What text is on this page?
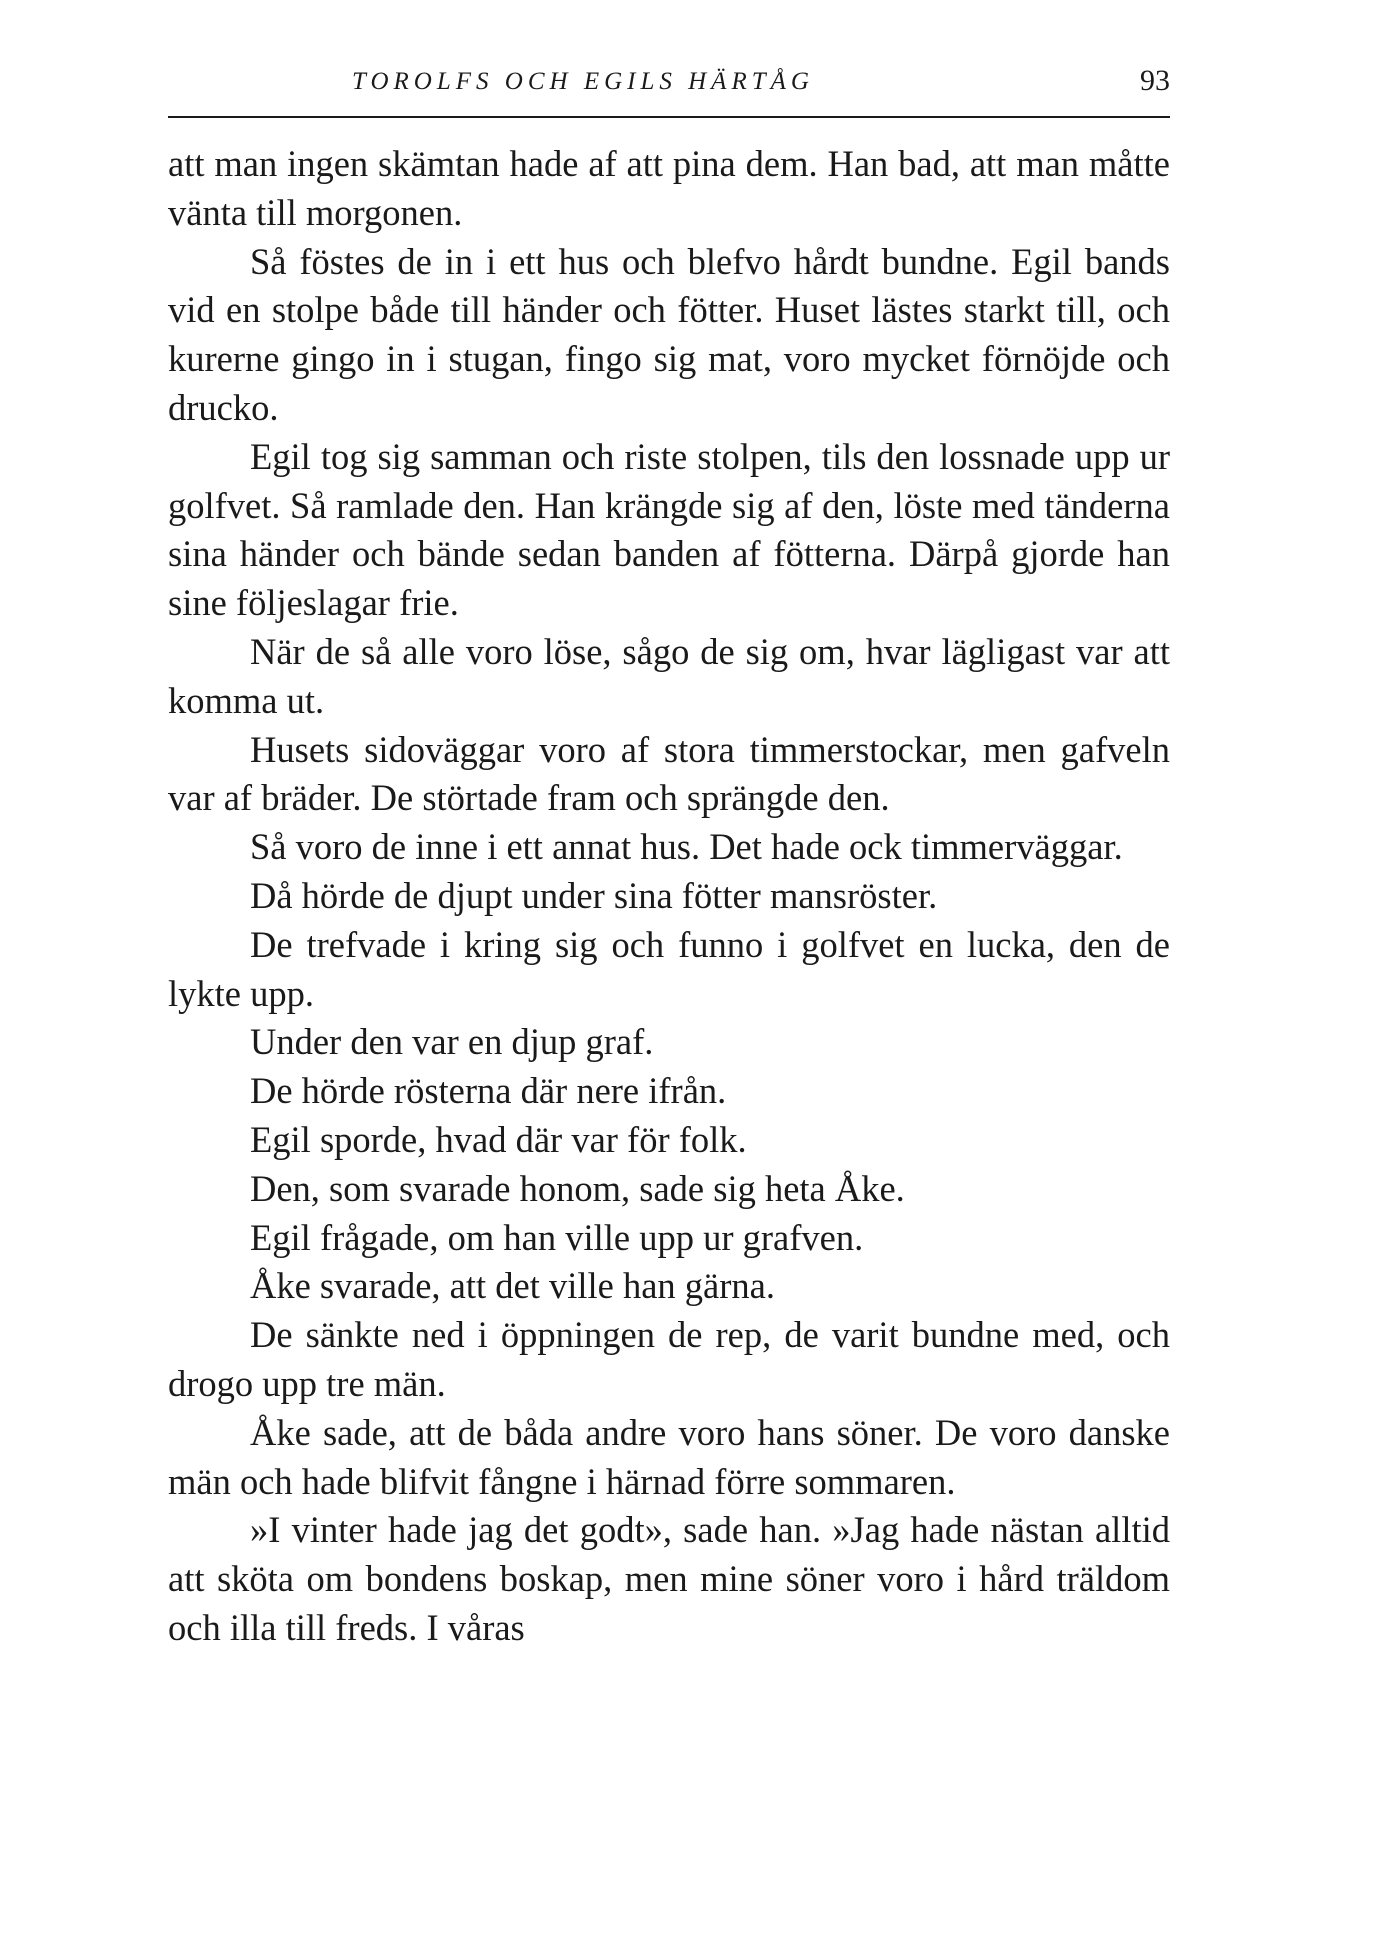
TOROLFS OCH EGILS HÄRTÅG	93

att man ingen skämtan hade af att pina dem. Han bad, att man måtte vänta till morgonen.

Så föstes de in i ett hus och blefvo hårdt bundne. Egil bands vid en stolpe både till händer och fötter. Huset lästes starkt till, och kurerne gingo in i stugan, fingo sig mat, voro mycket förnöjde och drucko.

Egil tog sig samman och riste stolpen, tils den lossnade upp ur golfvet. Så ramlade den. Han krängde sig af den, löste med tänderna sina händer och bände sedan banden af fötterna. Därpå gjorde han sine följeslagar frie.

När de så alle voro löse, sågo de sig om, hvar lägligast var att komma ut.

Husets sidoväggar voro af stora timmerstockar, men gafveln var af bräder. De störtade fram och sprängde den.

Så voro de inne i ett annat hus. Det hade ock timmerväggar.

Då hörde de djupt under sina fötter mansröster.

De trefvade i kring sig och funno i golfvet en lucka, den de lykte upp.

Under den var en djup graf.

De hörde rösterna där nere ifrån.

Egil sporde, hvad där var för folk.

Den, som svarade honom, sade sig heta Åke.

Egil frågade, om han ville upp ur grafven.

Åke svarade, att det ville han gärna.

De sänkte ned i öppningen de rep, de varit bundne med, och drogo upp tre män.

Åke sade, att de båda andre voro hans söner. De voro danske män och hade blifvit fångne i härnad förre sommaren.

»I vinter hade jag det godt», sade han. »Jag hade nästan alltid att sköta om bondens boskap, men mine söner voro i hård träldom och illa till freds. I våras
